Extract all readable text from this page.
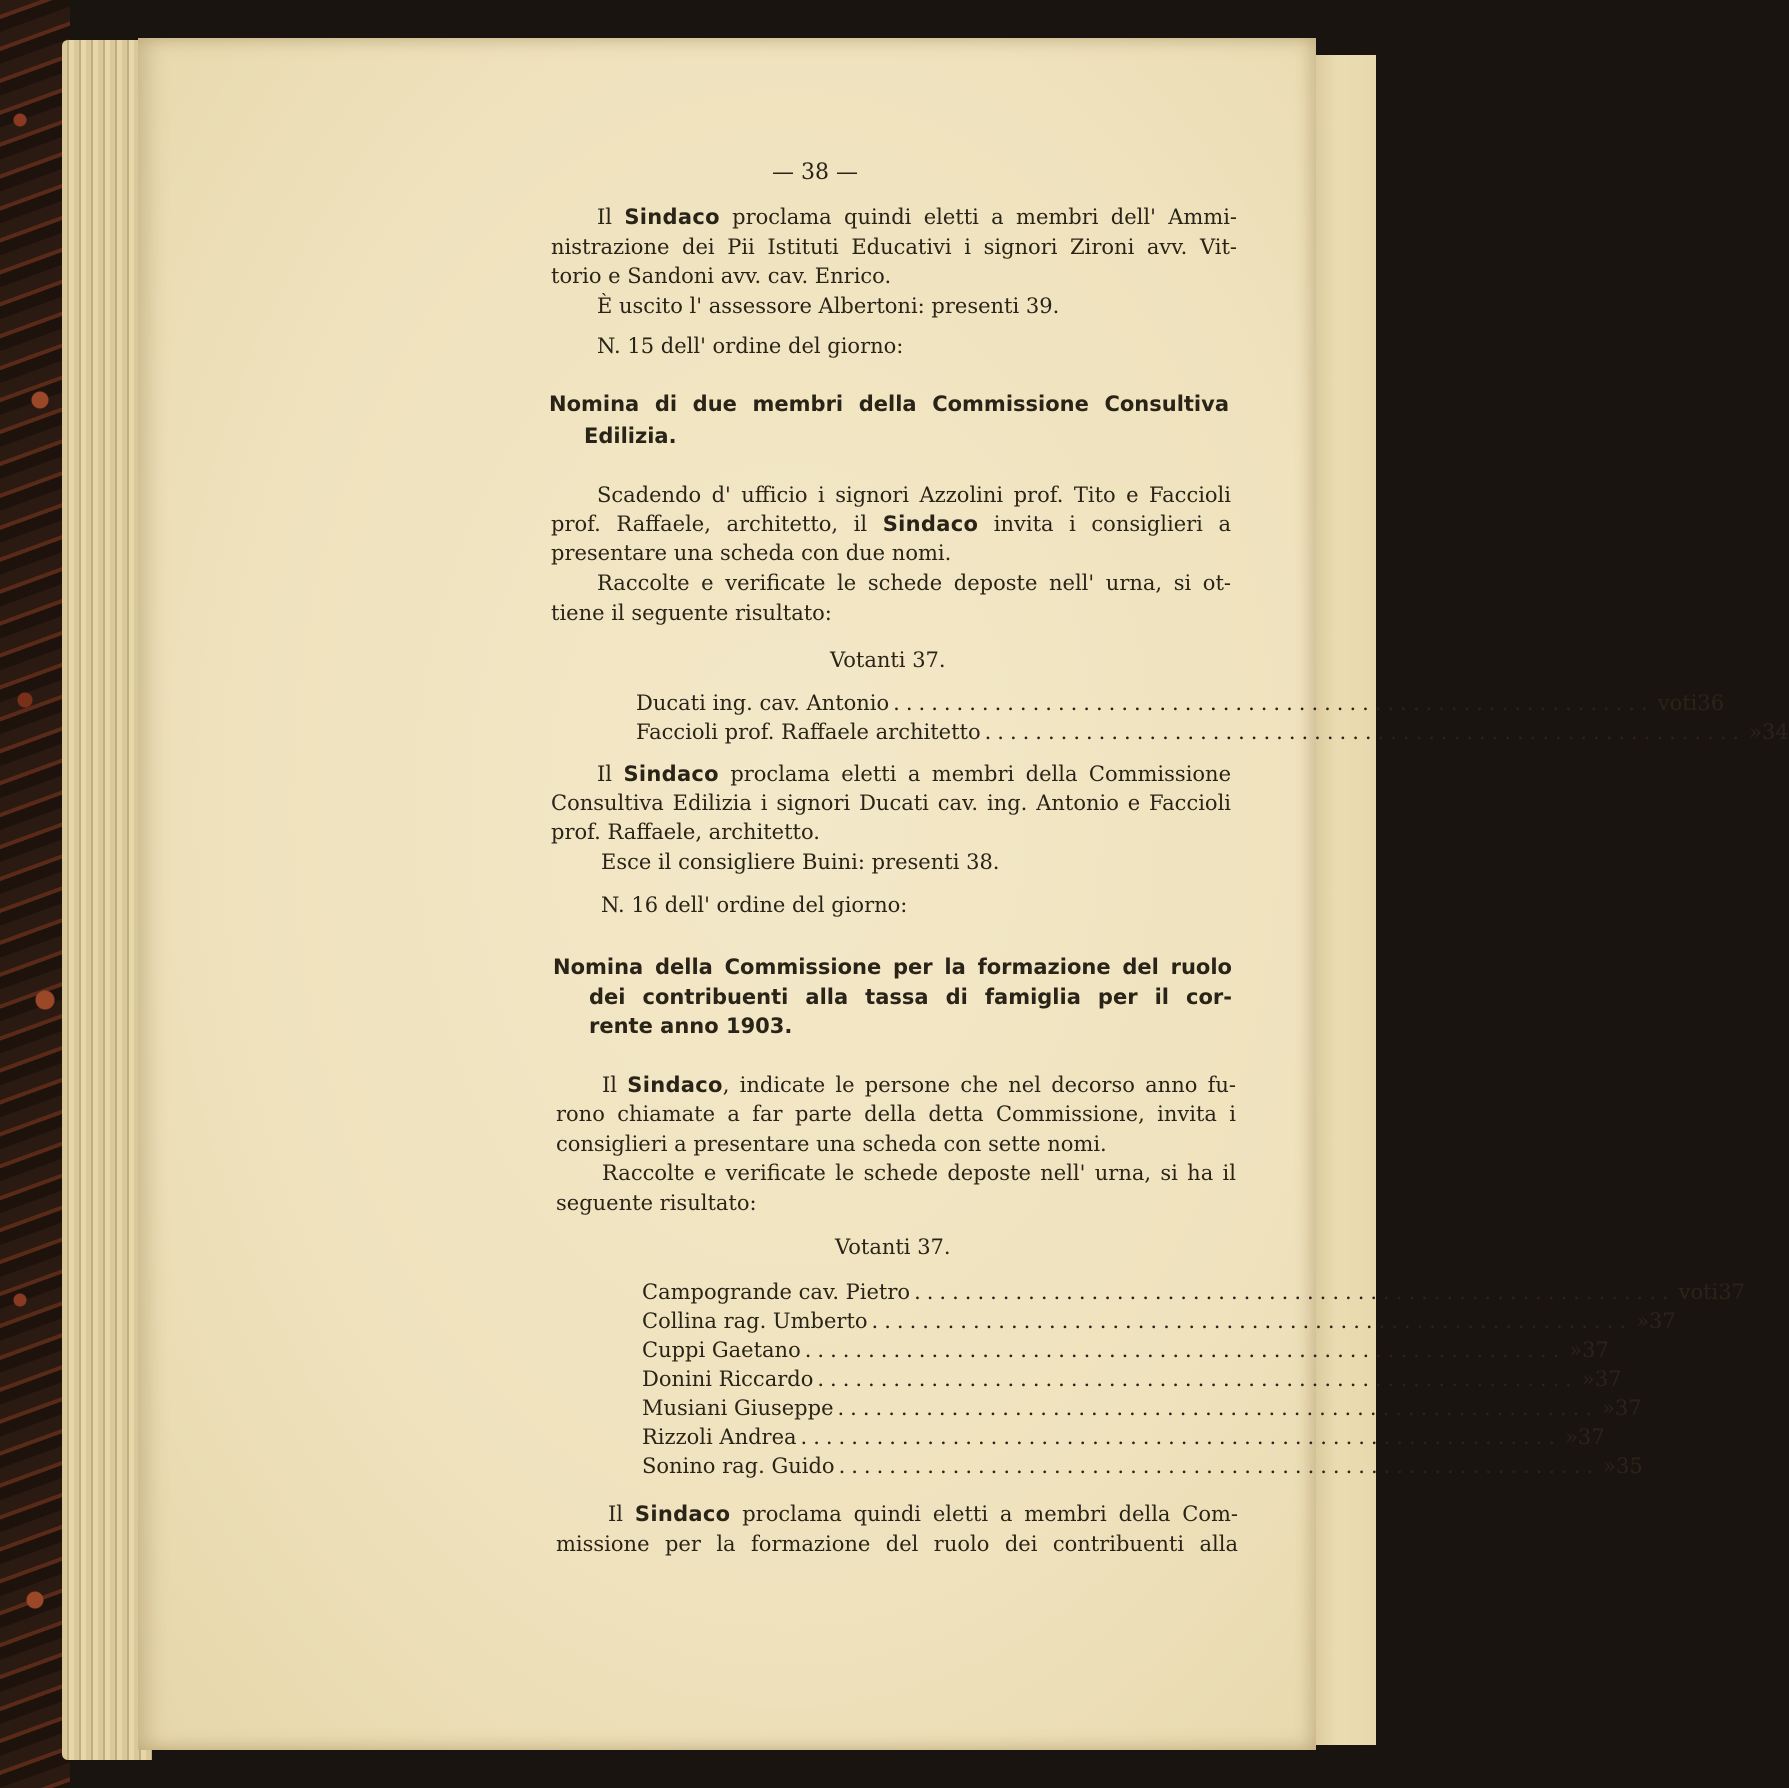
— 38 —
Il Sindaco proclama quindi eletti a membri dell' Ammi-
nistrazione dei Pii Istituti Educativi i signori Zironi avv. Vit-
torio e Sandoni avv. cav. Enrico.
È uscito l' assessore Albertoni: presenti 39.
N. 15 dell' ordine del giorno:
Nomina di due membri della Commissione Consultiva
Edilizia.
Scadendo d' ufficio i signori Azzolini prof. Tito e Faccioli
prof. Raffaele, architetto, il Sindaco invita i consiglieri a
presentare una scheda con due nomi.
Raccolte e verificate le schede deposte nell' urna, si ot-
tiene il seguente risultato:
Votanti 37.
Ducati ing. cav. Antonio ............................................................ voti 36
Faccioli prof. Raffaele architetto ............................................................ » 34
Il Sindaco proclama eletti a membri della Commissione
Consultiva Edilizia i signori Ducati cav. ing. Antonio e Faccioli
prof. Raffaele, architetto.
Esce il consigliere Buini: presenti 38.
N. 16 dell' ordine del giorno:
Nomina della Commissione per la formazione del ruolo
dei contribuenti alla tassa di famiglia per il cor-
rente anno 1903.
Il Sindaco, indicate le persone che nel decorso anno fu-
rono chiamate a far parte della detta Commissione, invita i
consiglieri a presentare una scheda con sette nomi.
Raccolte e verificate le schede deposte nell' urna, si ha il
seguente risultato:
Votanti 37.
Campogrande cav. Pietro ............................................................ voti 37
Collina rag. Umberto ............................................................ » 37
Cuppi Gaetano ............................................................ » 37
Donini Riccardo ............................................................ » 37
Musiani Giuseppe ............................................................ » 37
Rizzoli Andrea ............................................................ » 37
Sonino rag. Guido ............................................................ » 35
Il Sindaco proclama quindi eletti a membri della Com-
missione per la formazione del ruolo dei contribuenti alla
